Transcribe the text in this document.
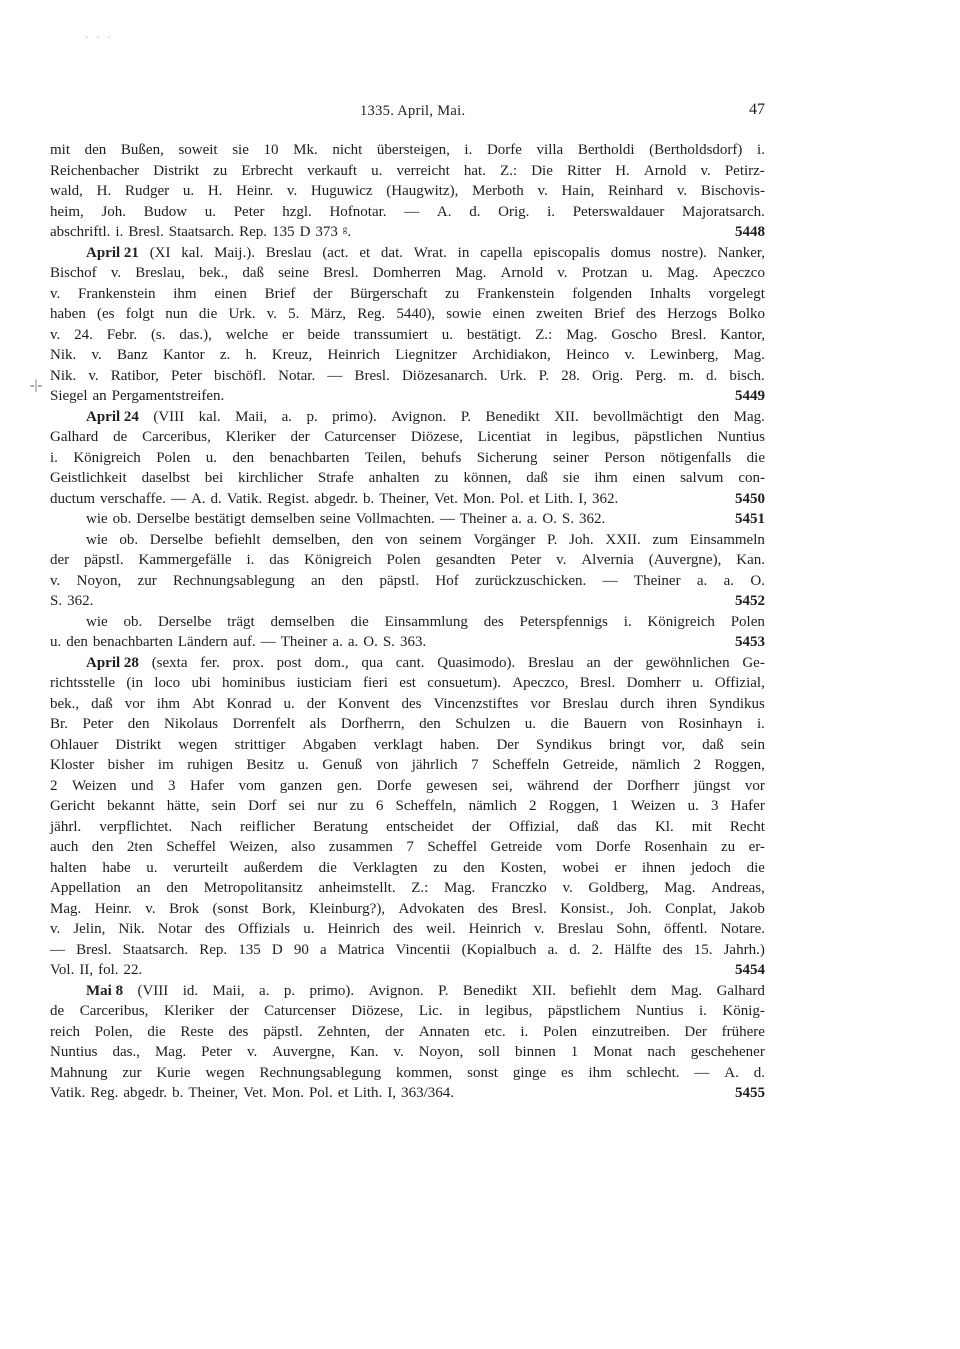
· · ·
1335. April, Mai.	47
-|-
mit den Bußen, soweit sie 10 Mk. nicht übersteigen, i. Dorfe villa Bertholdi (Bertholdsdorf) i.
Reichenbacher Distrikt zu Erbrecht verkauft u. verreicht hat. Z.: Die Ritter H. Arnold v. Petirz-
wald, H. Rudger u. H. Heinr. v. Huguwicz (Haugwitz), Merboth v. Hain, Reinhard v. Bischovis-
heim, Joh. Budow u. Peter hzgl. Hofnotar. — A. d. Orig. i. Peterswaldauer Majoratsarch.
abschriftl. i. Bresl. Staatsarch. Rep. 135 D 373 ᵍ.	5448
April 21 (XI kal. Maij.). Breslau (act. et dat. Wrat. in capella episcopalis domus nostre). Nanker,
Bischof v. Breslau, bek., daß seine Bresl. Domherren Mag. Arnold v. Protzan u. Mag. Apeczco
v. Frankenstein ihm einen Brief der Bürgerschaft zu Frankenstein folgenden Inhalts vorgelegt
haben (es folgt nun die Urk. v. 5. März, Reg. 5440), sowie einen zweiten Brief des Herzogs Bolko
v. 24. Febr. (s. das.), welche er beide transsumiert u. bestätigt. Z.: Mag. Goscho Bresl. Kantor,
Nik. v. Banz Kantor z. h. Kreuz, Heinrich Liegnitzer Archidiakon, Heinco v. Lewinberg, Mag.
Nik. v. Ratibor, Peter bischöfl. Notar. — Bresl. Diözesanarch. Urk. P. 28. Orig. Perg. m. d. bisch.
Siegel an Pergamentstreifen.	5449
April 24 (VIII kal. Maii, a. p. primo). Avignon. P. Benedikt XII. bevollmächtigt den Mag.
Galhard de Carceribus, Kleriker der Caturcenser Diözese, Licentiat in legibus, päpstlichen Nuntius
i. Königreich Polen u. den benachbarten Teilen, behufs Sicherung seiner Person nötigenfalls die
Geistlichkeit daselbst bei kirchlicher Strafe anhalten zu können, daß sie ihm einen salvum con-
ductum verschaffe. — A. d. Vatik. Regist. abgedr. b. Theiner, Vet. Mon. Pol. et Lith. I, 362.	5450
wie ob. Derselbe bestätigt demselben seine Vollmachten. — Theiner a. a. O. S. 362.	5451
wie ob. Derselbe befiehlt demselben, den von seinem Vorgänger P. Joh. XXII. zum Einsammeln
der päpstl. Kammergefälle i. das Königreich Polen gesandten Peter v. Alvernia (Auvergne), Kan.
v. Noyon, zur Rechnungsablegung an den päpstl. Hof zurückzuschicken. — Theiner a. a. O.
S. 362.	5452
wie ob. Derselbe trägt demselben die Einsammlung des Peterspfennigs i. Königreich Polen
u. den benachbarten Ländern auf. — Theiner a. a. O. S. 363.	5453
April 28 (sexta fer. prox. post dom., qua cant. Quasimodo). Breslau an der gewöhnlichen Ge-
richtsstelle (in loco ubi hominibus iusticiam fieri est consuetum). Apeczco, Bresl. Domherr u. Offizial,
bek., daß vor ihm Abt Konrad u. der Konvent des Vincenzstiftes vor Breslau durch ihren Syndikus
Br. Peter den Nikolaus Dorrenfelt als Dorfherrn, den Schulzen u. die Bauern von Rosinhayn i.
Ohlauer Distrikt wegen strittiger Abgaben verklagt haben. Der Syndikus bringt vor, daß sein
Kloster bisher im ruhigen Besitz u. Genuß von jährlich 7 Scheffeln Getreide, nämlich 2 Roggen,
2 Weizen und 3 Hafer vom ganzen gen. Dorfe gewesen sei, während der Dorfherr jüngst vor
Gericht bekannt hätte, sein Dorf sei nur zu 6 Scheffeln, nämlich 2 Roggen, 1 Weizen u. 3 Hafer
jährl. verpflichtet. Nach reiflicher Beratung entscheidet der Offizial, daß das Kl. mit Recht
auch den 2ten Scheffel Weizen, also zusammen 7 Scheffel Getreide vom Dorfe Rosenhain zu er-
halten habe u. verurteilt außerdem die Verklagten zu den Kosten, wobei er ihnen jedoch die
Appellation an den Metropolitansitz anheimstellt. Z.: Mag. Franczko v. Goldberg, Mag. Andreas,
Mag. Heinr. v. Brok (sonst Bork, Kleinburg?), Advokaten des Bresl. Konsist., Joh. Conplat, Jakob
v. Jelin, Nik. Notar des Offizials u. Heinrich des weil. Heinrich v. Breslau Sohn, öffentl. Notare.
— Bresl. Staatsarch. Rep. 135 D 90 a Matrica Vincentii (Kopialbuch a. d. 2. Hälfte des 15. Jahrh.)
Vol. II, fol. 22.	5454
Mai 8 (VIII id. Maii, a. p. primo). Avignon. P. Benedikt XII. befiehlt dem Mag. Galhard
de Carceribus, Kleriker der Caturcenser Diözese, Lic. in legibus, päpstlichem Nuntius i. König-
reich Polen, die Reste des päpstl. Zehnten, der Annaten etc. i. Polen einzutreiben. Der frühere
Nuntius das., Mag. Peter v. Auvergne, Kan. v. Noyon, soll binnen 1 Monat nach geschehener
Mahnung zur Kurie wegen Rechnungsablegung kommen, sonst ginge es ihm schlecht. — A. d.
Vatik. Reg. abgedr. b. Theiner, Vet. Mon. Pol. et Lith. I, 363/364.	5455
